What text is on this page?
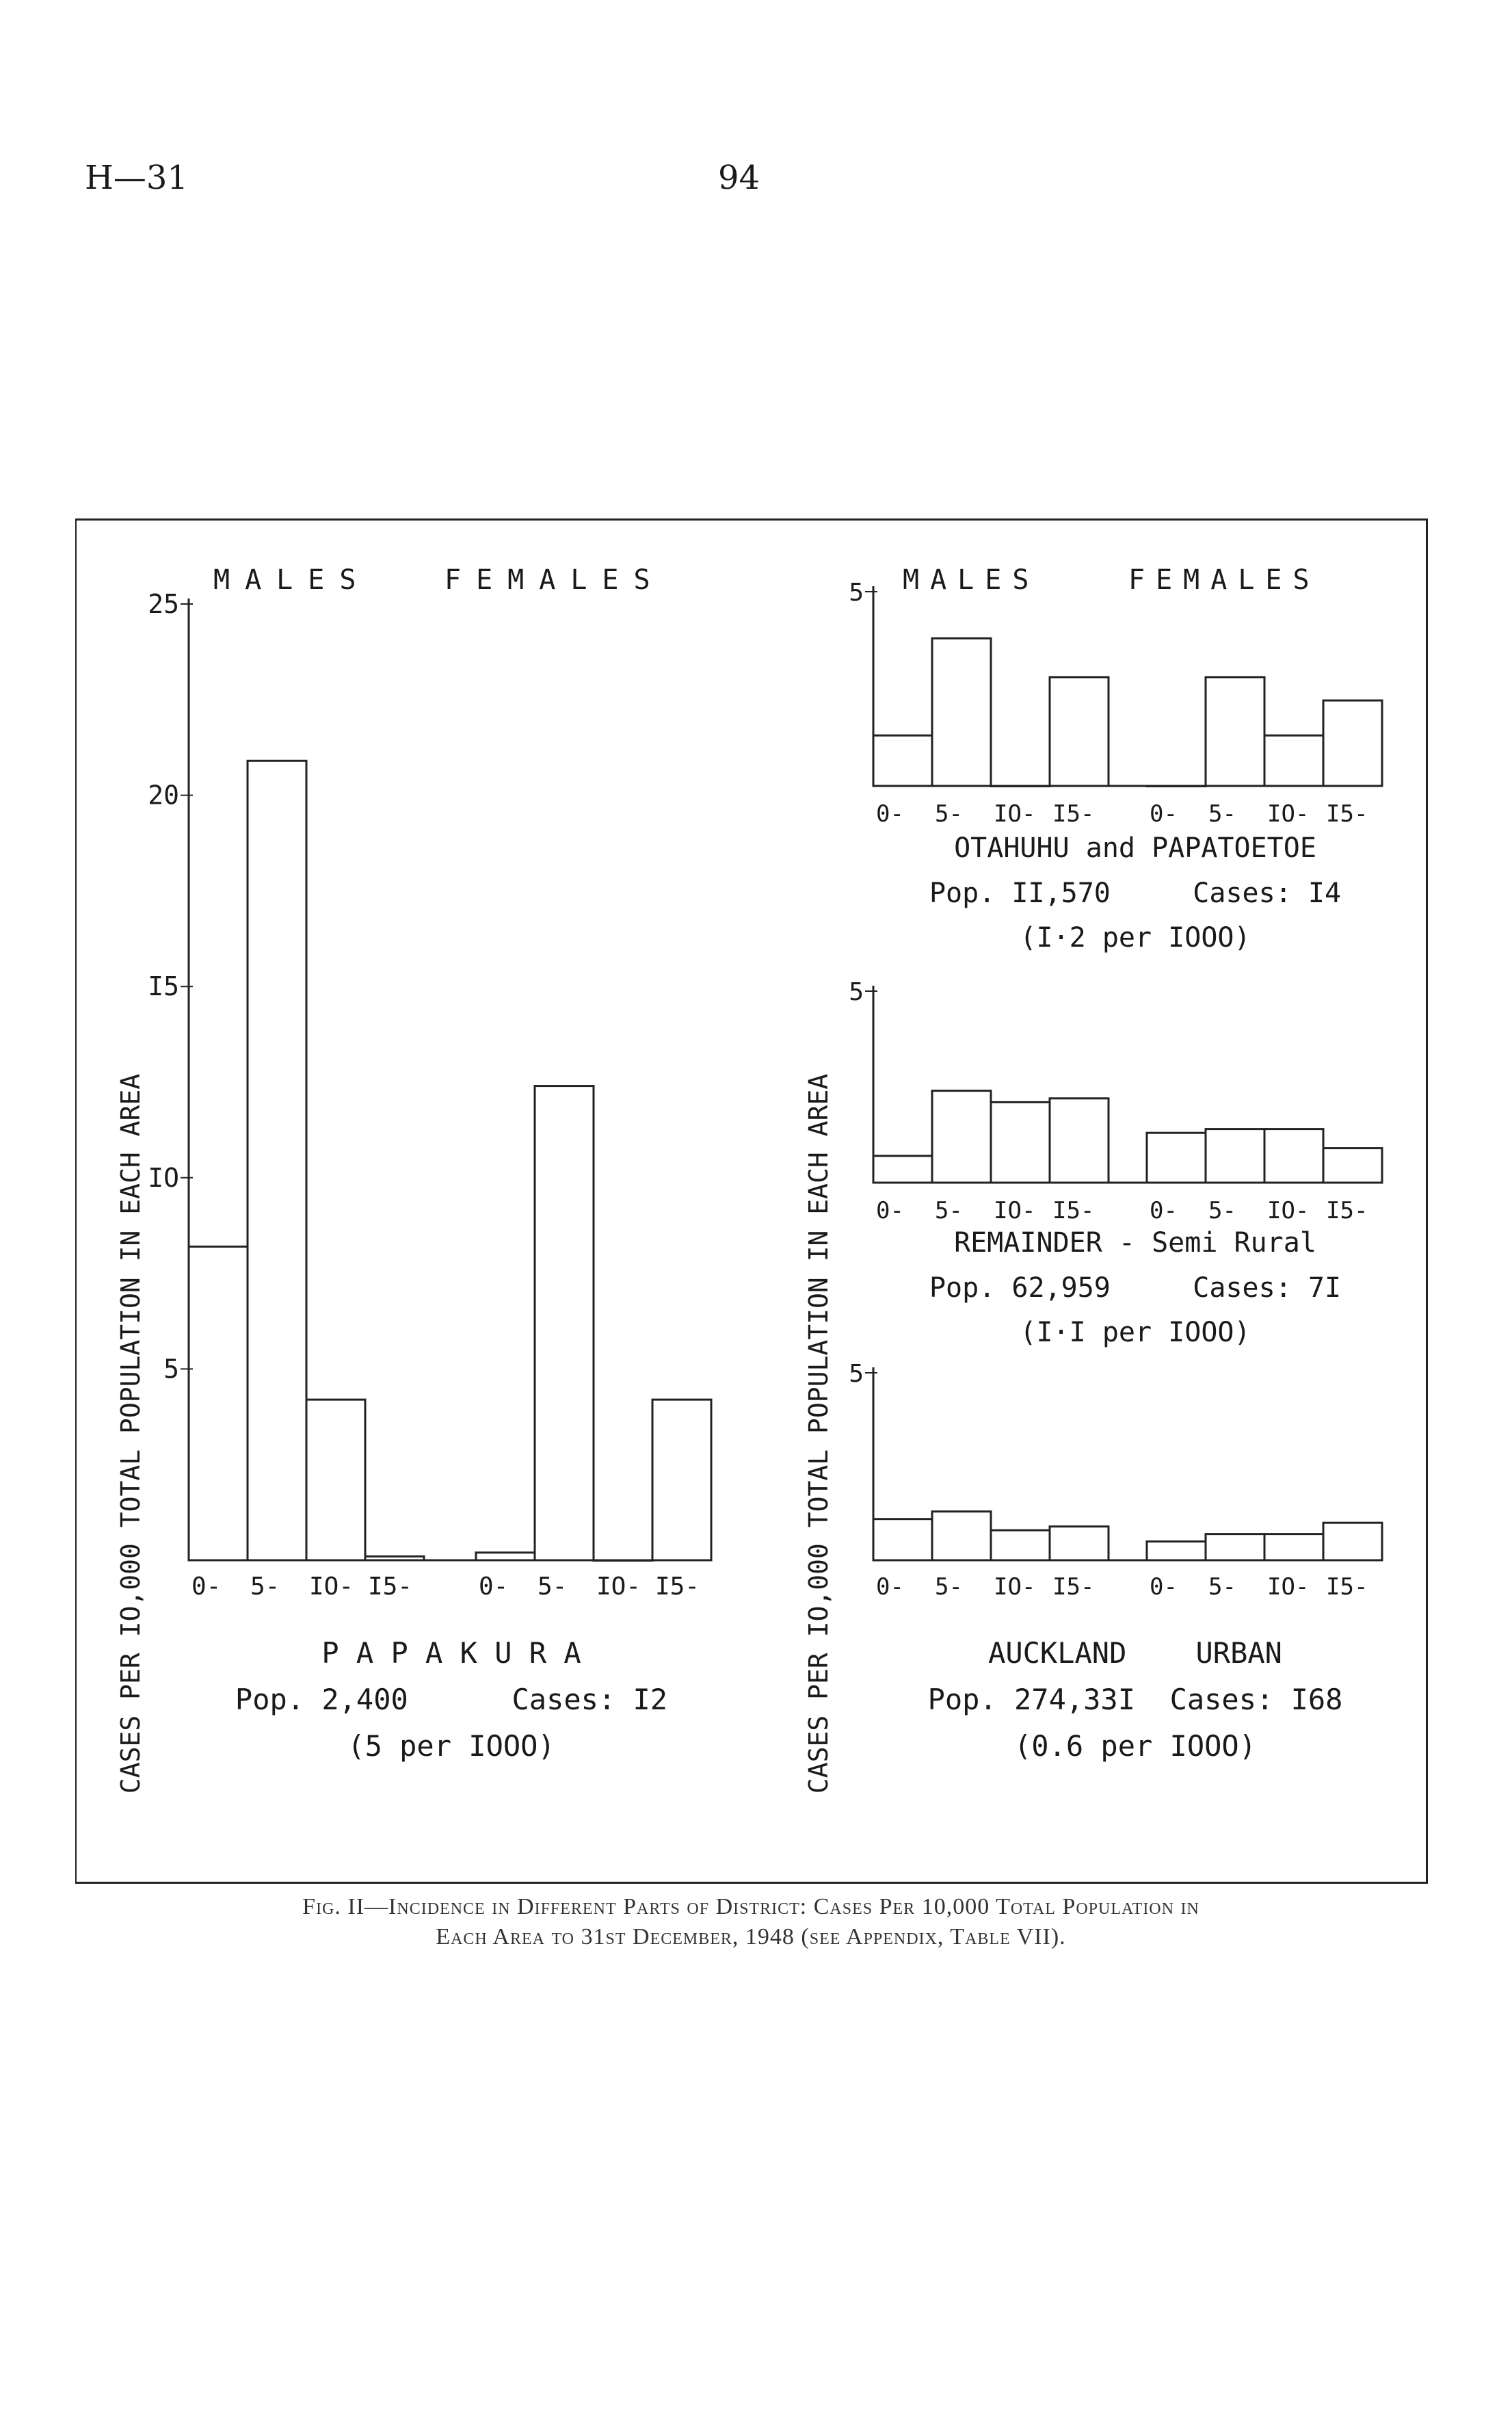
H—31	94
MALES	FEMALES
CASES PER IO,000 TOTAL POPULATION IN EACH AREA	P A P A K U R A
Pop. 2,400      Cases: I2
(5 per IOOO)
MALES	FEMALES
OTAHUHU and PAPATOETOE
Pop. II,570     Cases: I4
(I·2 per IOOO)
REMAINDER - Semi Rural
Pop. 62,959     Cases: 7I
(I·I per IOOO)
CASES PER IO,000 TOTAL POPULATION IN EACH AREA	AUCKLAND    URBAN
Pop. 274,33I  Cases: I68
(0.6 per IOOO)
5
IO
I5
20
25
0- 5- IO- I5-	0- 5- IO- I5-
5
0- 5- IO- I5- 0- 5- IO- I5-
5
0- 5- IO- I5- 0- 5- IO- I5-
5
0- 5- IO- I5- 0- 5- IO- I5-
Fig. II—Incidence in Different Parts of District: Cases Per 10,000 Total Population in
Each Area to 31st December, 1948 (see Appendix, Table VII).
